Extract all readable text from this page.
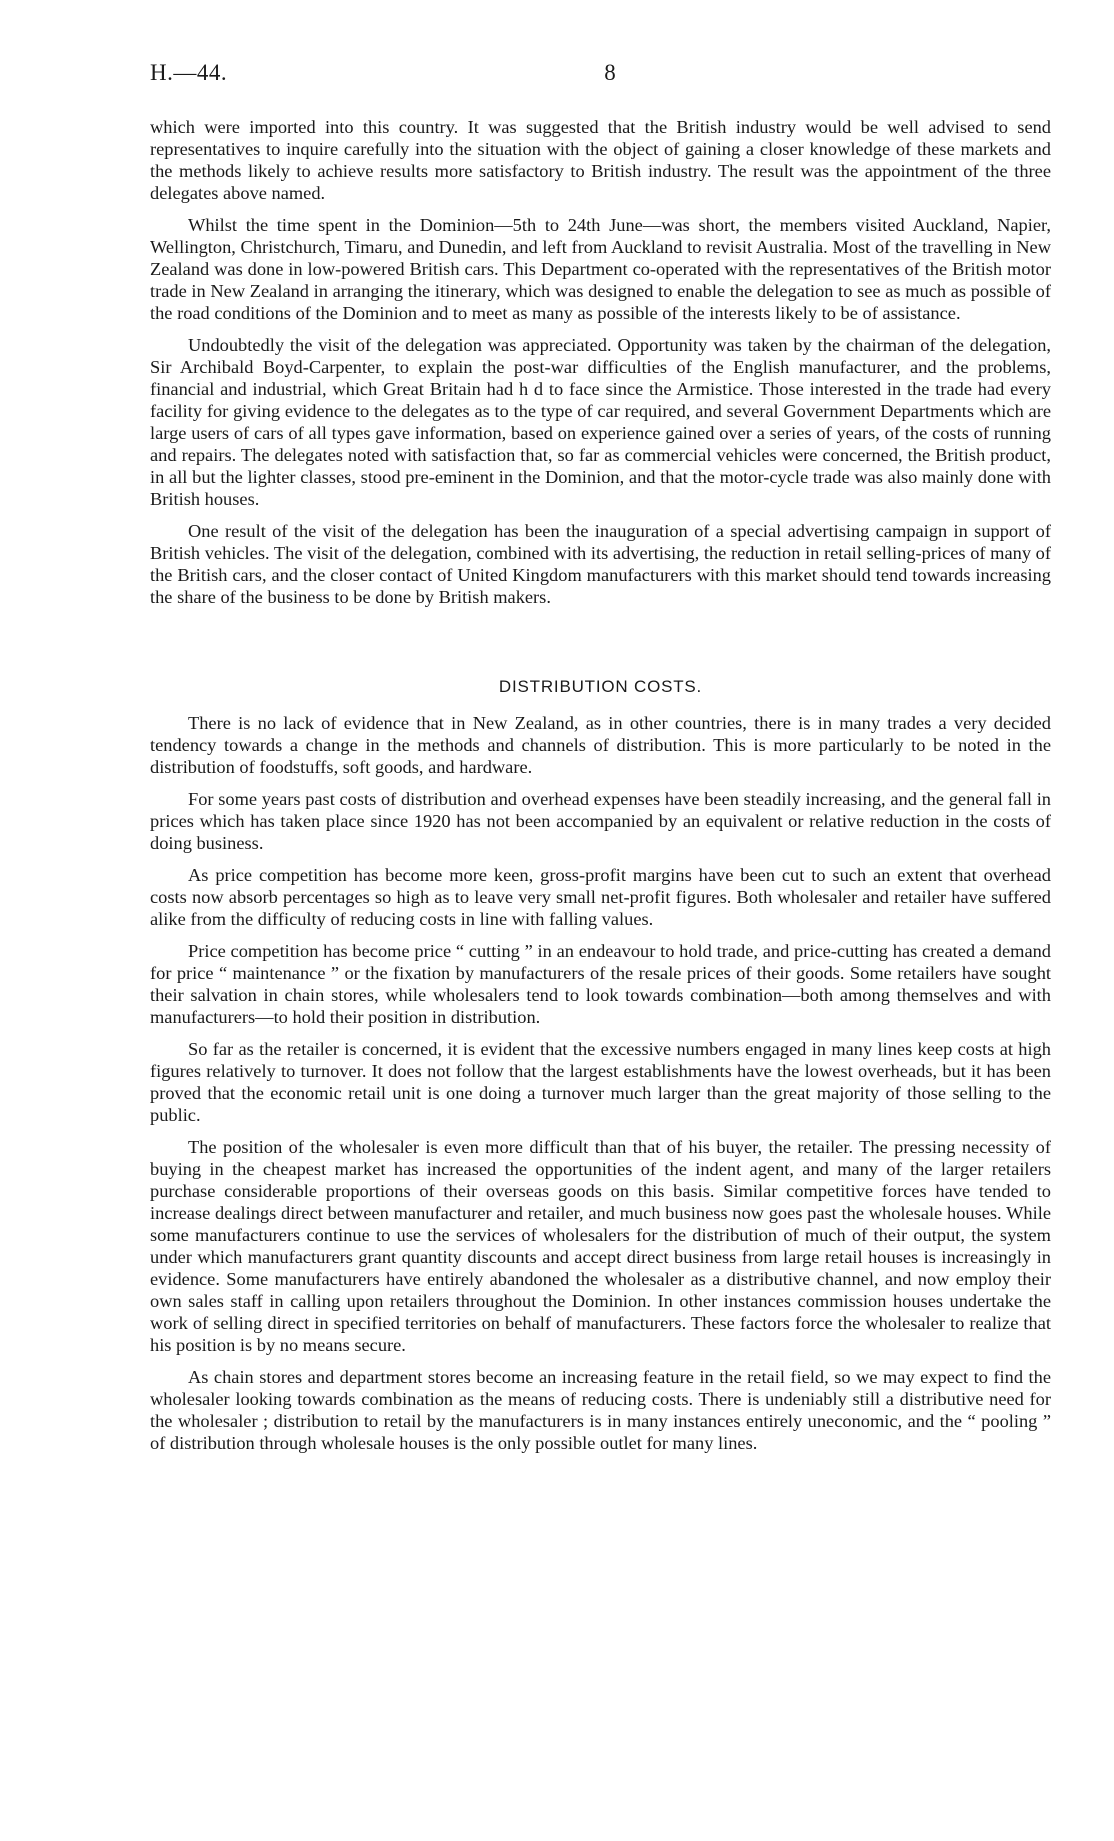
H.—44.	8

which were imported into this country. It was suggested that the British industry would be well advised to send representatives to inquire carefully into the situation with the object of gaining a closer knowledge of these markets and the methods likely to achieve results more satisfactory to British industry. The result was the appointment of the three delegates above named.

Whilst the time spent in the Dominion—5th to 24th June—was short, the members visited Auckland, Napier, Wellington, Christchurch, Timaru, and Dunedin, and left from Auckland to revisit Australia. Most of the travelling in New Zealand was done in low-powered British cars. This Department co-operated with the representatives of the British motor trade in New Zealand in arranging the itinerary, which was designed to enable the delegation to see as much as possible of the road conditions of the Dominion and to meet as many as possible of the interests likely to be of assistance.

Undoubtedly the visit of the delegation was appreciated. Opportunity was taken by the chairman of the delegation, Sir Archibald Boyd-Carpenter, to explain the post-war difficulties of the English manufacturer, and the problems, financial and industrial, which Great Britain had h d to face since the Armistice. Those interested in the trade had every facility for giving evidence to the delegates as to the type of car required, and several Government Departments which are large users of cars of all types gave information, based on experience gained over a series of years, of the costs of running and repairs. The delegates noted with satisfaction that, so far as commercial vehicles were concerned, the British product, in all but the lighter classes, stood pre-eminent in the Dominion, and that the motor-cycle trade was also mainly done with British houses.

One result of the visit of the delegation has been the inauguration of a special advertising campaign in support of British vehicles. The visit of the delegation, combined with its advertising, the reduction in retail selling-prices of many of the British cars, and the closer contact of United Kingdom manufacturers with this market should tend towards increasing the share of the business to be done by British makers.

DISTRIBUTION COSTS.

There is no lack of evidence that in New Zealand, as in other countries, there is in many trades a very decided tendency towards a change in the methods and channels of distribution. This is more particularly to be noted in the distribution of foodstuffs, soft goods, and hardware.

For some years past costs of distribution and overhead expenses have been steadily increasing, and the general fall in prices which has taken place since 1920 has not been accompanied by an equivalent or relative reduction in the costs of doing business.

As price competition has become more keen, gross-profit margins have been cut to such an extent that overhead costs now absorb percentages so high as to leave very small net-profit figures. Both wholesaler and retailer have suffered alike from the difficulty of reducing costs in line with falling values.

Price competition has become price “ cutting ” in an endeavour to hold trade, and price-cutting has created a demand for price “ maintenance ” or the fixation by manufacturers of the resale prices of their goods. Some retailers have sought their salvation in chain stores, while wholesalers tend to look towards combination—both among themselves and with manufacturers—to hold their position in distribution.

So far as the retailer is concerned, it is evident that the excessive numbers engaged in many lines keep costs at high figures relatively to turnover. It does not follow that the largest establishments have the lowest overheads, but it has been proved that the economic retail unit is one doing a turnover much larger than the great majority of those selling to the public.

The position of the wholesaler is even more difficult than that of his buyer, the retailer. The pressing necessity of buying in the cheapest market has increased the opportunities of the indent agent, and many of the larger retailers purchase considerable proportions of their overseas goods on this basis. Similar competitive forces have tended to increase dealings direct between manufacturer and retailer, and much business now goes past the wholesale houses. While some manufacturers continue to use the services of wholesalers for the distribution of much of their output, the system under which manufacturers grant quantity discounts and accept direct business from large retail houses is increasingly in evidence. Some manufacturers have entirely abandoned the wholesaler as a distributive channel, and now employ their own sales staff in calling upon retailers throughout the Dominion. In other instances commission houses undertake the work of selling direct in specified territories on behalf of manufacturers. These factors force the wholesaler to realize that his position is by no means secure.

As chain stores and department stores become an increasing feature in the retail field, so we may expect to find the wholesaler looking towards combination as the means of reducing costs. There is undeniably still a distributive need for the wholesaler ; distribution to retail by the manufacturers is in many instances entirely uneconomic, and the “ pooling ” of distribution through wholesale houses is the only possible outlet for many lines.
